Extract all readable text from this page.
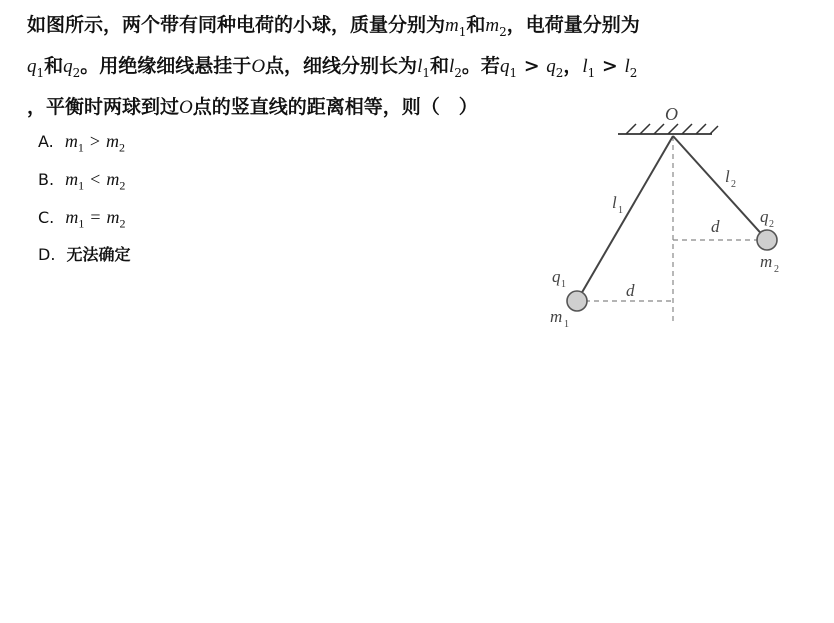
如图所示，两个带有同种电荷的小球，质量分别为$m_1$和$m_2$，电荷量分别为
$q_1$和$q_2$。用绝缘细线悬挂于O点，细线分别长为$l_1$和$l_2$。若$q_1 > q_2$，$l_1 > l_2$
，平衡时两球到过O点的竖直线的距离相等，则（　）
A. $m_1 > m_2$
B. $m_1 < m_2$
C. $m_1 = m_2$
D. 无法确定
O
l 1
l 2
d
d
q 1
m 1
q 2
m 2
